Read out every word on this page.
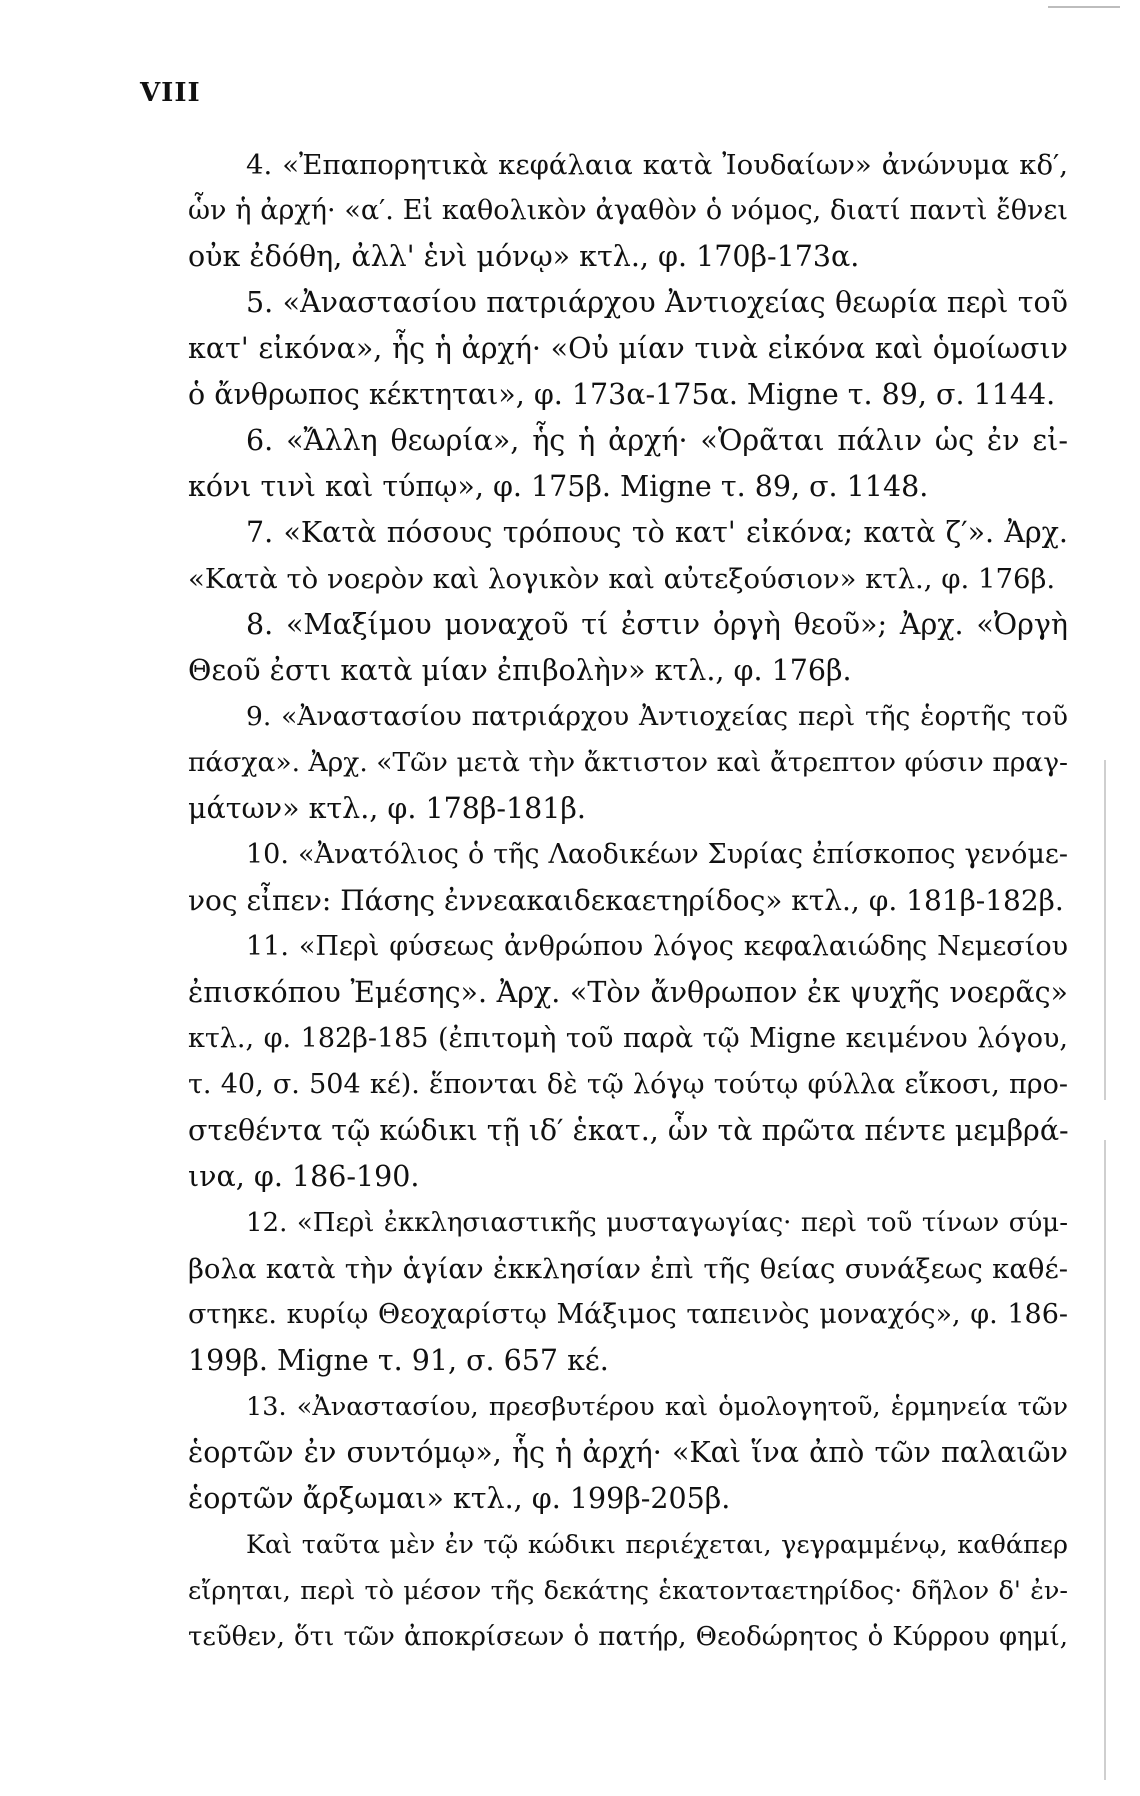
VIII
4. «Ἐπαπορητικὰ κεφάλαια κατὰ Ἰουδαίων» ἀνώνυμα κδ′,
ὧν ἡ ἀρχή· «α′. Εἰ καθολικὸν ἀγαθὸν ὁ νόμος, διατί παντὶ ἔθνει
οὐκ ἐδόθη, ἀλλ' ἑνὶ μόνῳ» κτλ., φ. 170β-173α.
5. «Ἀναστασίου πατριάρχου Ἀντιοχείας θεωρία περὶ τοῦ
κατ' εἰκόνα», ἧς ἡ ἀρχή· «Οὐ μίαν τινὰ εἰκόνα καὶ ὁμοίωσιν
ὁ ἄνθρωπος κέκτηται», φ. 173α-175α. Migne τ. 89, σ. 1144.
6. «Ἄλλη θεωρία», ἧς ἡ ἀρχή· «Ὁρᾶται πάλιν ὡς ἐν εἰ-
κόνι τινὶ καὶ τύπῳ», φ. 175β. Migne τ. 89, σ. 1148.
7. «Κατὰ πόσους τρόπους τὸ κατ' εἰκόνα; κατὰ ζ′». Ἀρχ.
«Κατὰ τὸ νοερὸν καὶ λογικὸν καὶ αὐτεξούσιον» κτλ., φ. 176β.
8. «Μαξίμου μοναχοῦ τί ἐστιν ὀργὴ θεοῦ»; Ἀρχ. «Ὀργὴ
Θεοῦ ἐστι κατὰ μίαν ἐπιβολὴν» κτλ., φ. 176β.
9. «Ἀναστασίου πατριάρχου Ἀντιοχείας περὶ τῆς ἑορτῆς τοῦ
πάσχα». Ἀρχ. «Τῶν μετὰ τὴν ἄκτιστον καὶ ἄτρεπτον φύσιν πραγ-
μάτων» κτλ., φ. 178β-181β.
10. «Ἀνατόλιος ὁ τῆς Λαοδικέων Συρίας ἐπίσκοπος γενόμε-
νος εἶπεν: Πάσης ἐννεακαιδεκαετηρίδος» κτλ., φ. 181β-182β.
11. «Περὶ φύσεως ἀνθρώπου λόγος κεφαλαιώδης Νεμεσίου
ἐπισκόπου Ἐμέσης». Ἀρχ. «Τὸν ἄνθρωπον ἐκ ψυχῆς νοερᾶς»
κτλ., φ. 182β-185 (ἐπιτομὴ τοῦ παρὰ τῷ Migne κειμένου λόγου,
τ. 40, σ. 504 κέ). ἕπονται δὲ τῷ λόγῳ τούτῳ φύλλα εἴκοσι, προ-
στεθέντα τῷ κώδικι τῇ ιδ′ ἑκατ., ὧν τὰ πρῶτα πέντε μεμβρά-
ινα, φ. 186-190.
12. «Περὶ ἐκκλησιαστικῆς μυσταγωγίας· περὶ τοῦ τίνων σύμ-
βολα κατὰ τὴν ἁγίαν ἐκκλησίαν ἐπὶ τῆς θείας συνάξεως καθέ-
στηκε. κυρίῳ Θεοχαρίστῳ Μάξιμος ταπεινὸς μοναχός», φ. 186-
199β. Migne τ. 91, σ. 657 κέ.
13. «Ἀναστασίου, πρεσβυτέρου καὶ ὁμολογητοῦ, ἑρμηνεία τῶν
ἑορτῶν ἐν συντόμῳ», ἧς ἡ ἀρχή· «Καὶ ἵνα ἀπὸ τῶν παλαιῶν
ἑορτῶν ἄρξωμαι» κτλ., φ. 199β-205β.
Καὶ ταῦτα μὲν ἐν τῷ κώδικι περιέχεται, γεγραμμένῳ, καθάπερ
εἴρηται, περὶ τὸ μέσον τῆς δεκάτης ἑκατονταετηρίδος· δῆλον δ' ἐν-
τεῦθεν, ὅτι τῶν ἀποκρίσεων ὁ πατήρ, Θεοδώρητος ὁ Κύρρου φημί,
